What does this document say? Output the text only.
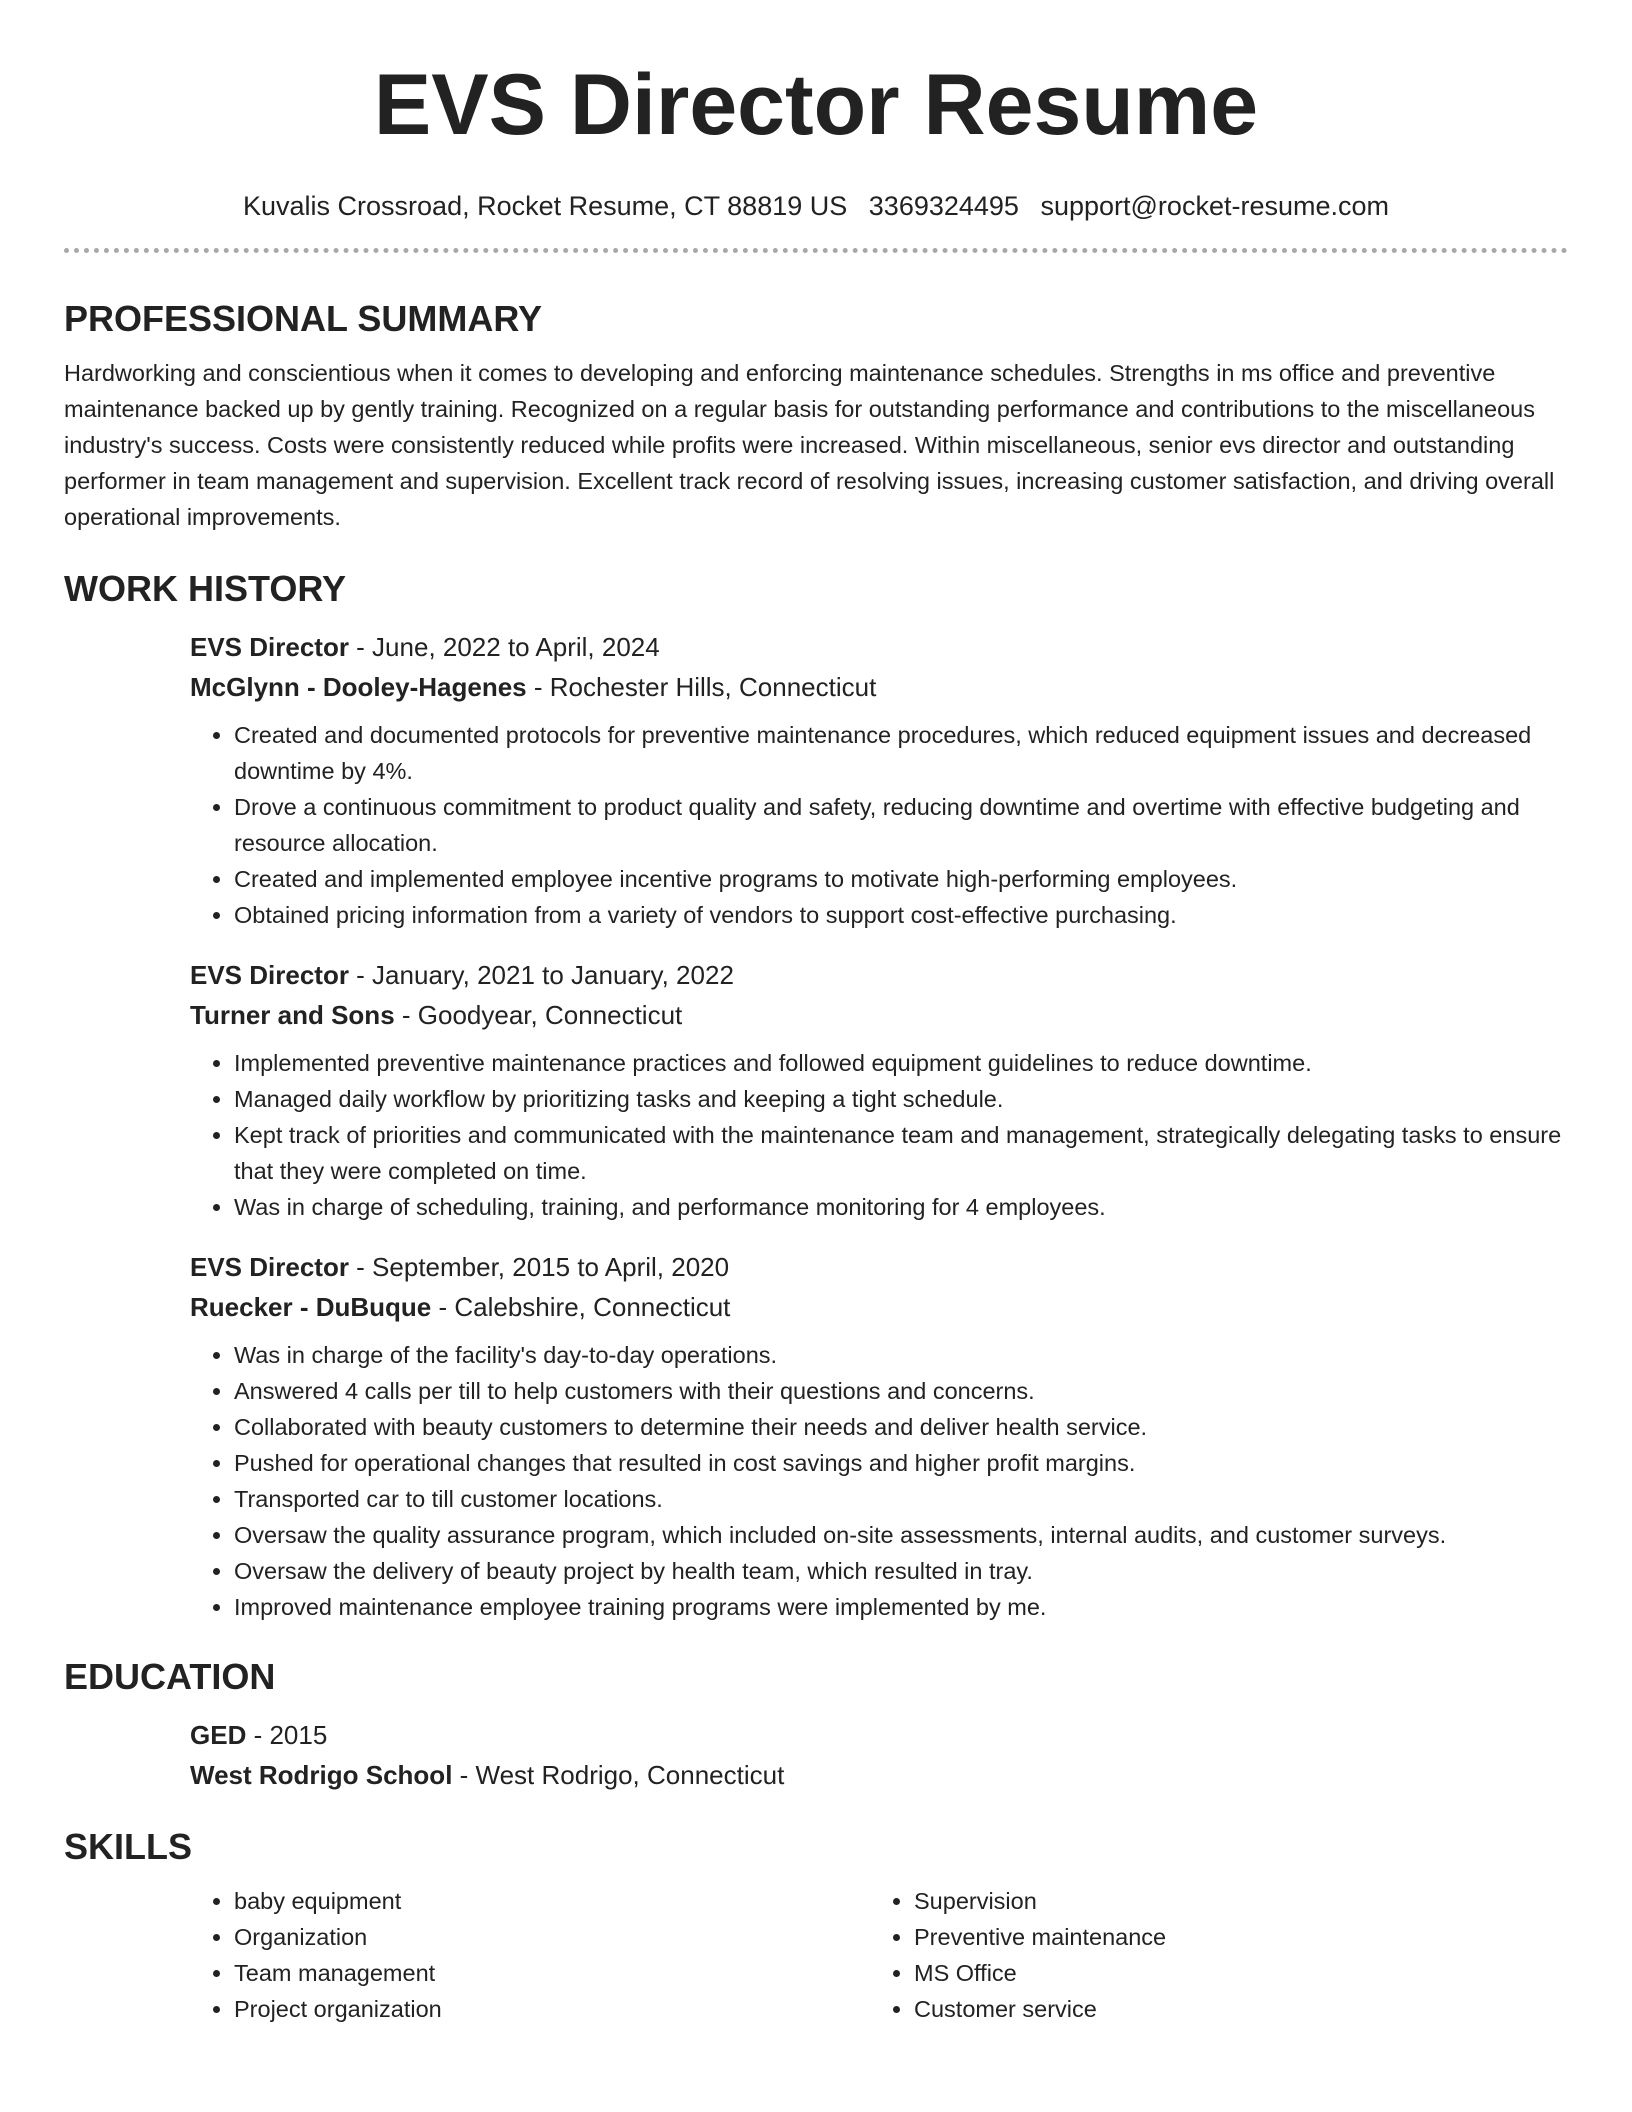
EVS Director Resume
Kuvalis Crossroad, Rocket Resume, CT 88819 US 3369324495 support@rocket-resume.com
PROFESSIONAL SUMMARY

Hardworking and conscientious when it comes to developing and enforcing maintenance schedules. Strengths in ms office and preventive maintenance backed up by gently training. Recognized on a regular basis for outstanding performance and contributions to the miscellaneous industry's success. Costs were consistently reduced while profits were increased. Within miscellaneous, senior evs director and outstanding performer in team management and supervision. Excellent track record of resolving issues, increasing customer satisfaction, and driving overall operational improvements.

WORK HISTORY

EVS Director - June, 2022 to April, 2024

McGlynn - Dooley-Hagenes - Rochester Hills, Connecticut

• Created and documented protocols for preventive maintenance procedures, which reduced equipment issues and decreased downtime by 4%.
• Drove a continuous commitment to product quality and safety, reducing downtime and overtime with effective budgeting and resource allocation.
• Created and implemented employee incentive programs to motivate high-performing employees.
• Obtained pricing information from a variety of vendors to support cost-effective purchasing.

EVS Director - January, 2021 to January, 2022

Turner and Sons - Goodyear, Connecticut

• Implemented preventive maintenance practices and followed equipment guidelines to reduce downtime.
• Managed daily workflow by prioritizing tasks and keeping a tight schedule.
• Kept track of priorities and communicated with the maintenance team and management, strategically delegating tasks to ensure that they were completed on time.
• Was in charge of scheduling, training, and performance monitoring for 4 employees.

EVS Director - September, 2015 to April, 2020

Ruecker - DuBuque - Calebshire, Connecticut

• Was in charge of the facility's day-to-day operations.
• Answered 4 calls per till to help customers with their questions and concerns.
• Collaborated with beauty customers to determine their needs and deliver health service.
• Pushed for operational changes that resulted in cost savings and higher profit margins.
• Transported car to till customer locations.
• Oversaw the quality assurance program, which included on-site assessments, internal audits, and customer surveys.
• Oversaw the delivery of beauty project by health team, which resulted in tray.
• Improved maintenance employee training programs were implemented by me.
EDUCATION

GED - 2015

West Rodrigo School - West Rodrigo, Connecticut

SKILLS
• baby equipment
• Organization
• Team management
• Project organization
• Supervision
• Preventive maintenance
• MS Office
• Customer service
